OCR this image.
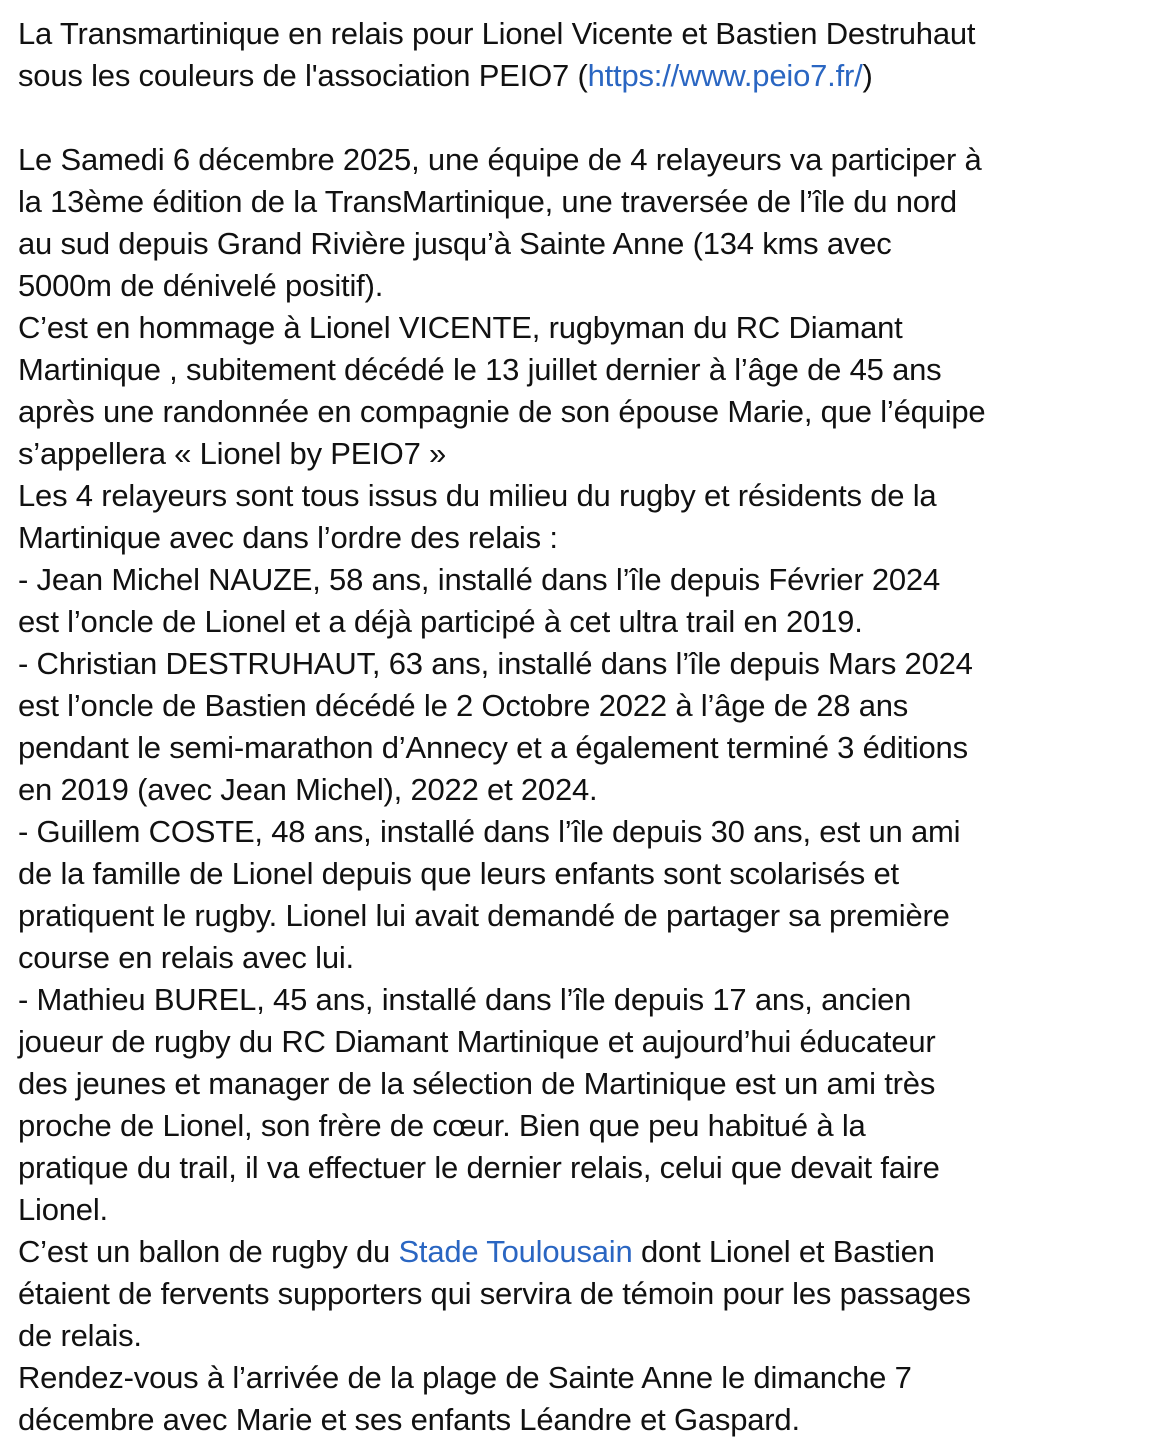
La Transmartinique en relais pour Lionel Vicente et Bastien Destruhaut
sous les couleurs de l'association PEIO7 (https://www.peio7.fr/)
Le Samedi 6 décembre 2025, une équipe de 4 relayeurs va participer à
la 13ème édition de la TransMartinique, une traversée de l’île du nord
au sud depuis Grand Rivière jusqu’à Sainte Anne (134 kms avec
5000m de dénivelé positif).
C’est en hommage à Lionel VICENTE, rugbyman du RC Diamant
Martinique , subitement décédé le 13 juillet dernier à l’âge de 45 ans
après une randonnée en compagnie de son épouse Marie, que l’équipe
s’appellera « Lionel by PEIO7 »
Les 4 relayeurs sont tous issus du milieu du rugby et résidents de la
Martinique avec dans l’ordre des relais :
- Jean Michel NAUZE, 58 ans, installé dans l’île depuis Février 2024
est l’oncle de Lionel et a déjà participé à cet ultra trail en 2019.
- Christian DESTRUHAUT, 63 ans, installé dans l’île depuis Mars 2024
est l’oncle de Bastien décédé le 2 Octobre 2022 à l’âge de 28 ans
pendant le semi-marathon d’Annecy et a également terminé 3 éditions
en 2019 (avec Jean Michel), 2022 et 2024.
- Guillem COSTE, 48 ans, installé dans l’île depuis 30 ans, est un ami
de la famille de Lionel depuis que leurs enfants sont scolarisés et
pratiquent le rugby. Lionel lui avait demandé de partager sa première
course en relais avec lui.
- Mathieu BUREL, 45 ans, installé dans l’île depuis 17 ans, ancien
joueur de rugby du RC Diamant Martinique et aujourd’hui éducateur
des jeunes et manager de la sélection de Martinique est un ami très
proche de Lionel, son frère de cœur. Bien que peu habitué à la
pratique du trail, il va effectuer le dernier relais, celui que devait faire
Lionel.
C’est un ballon de rugby du Stade Toulousain dont Lionel et Bastien
étaient de fervents supporters qui servira de témoin pour les passages
de relais.
Rendez-vous à l’arrivée de la plage de Sainte Anne le dimanche 7
décembre avec Marie et ses enfants Léandre et Gaspard.
